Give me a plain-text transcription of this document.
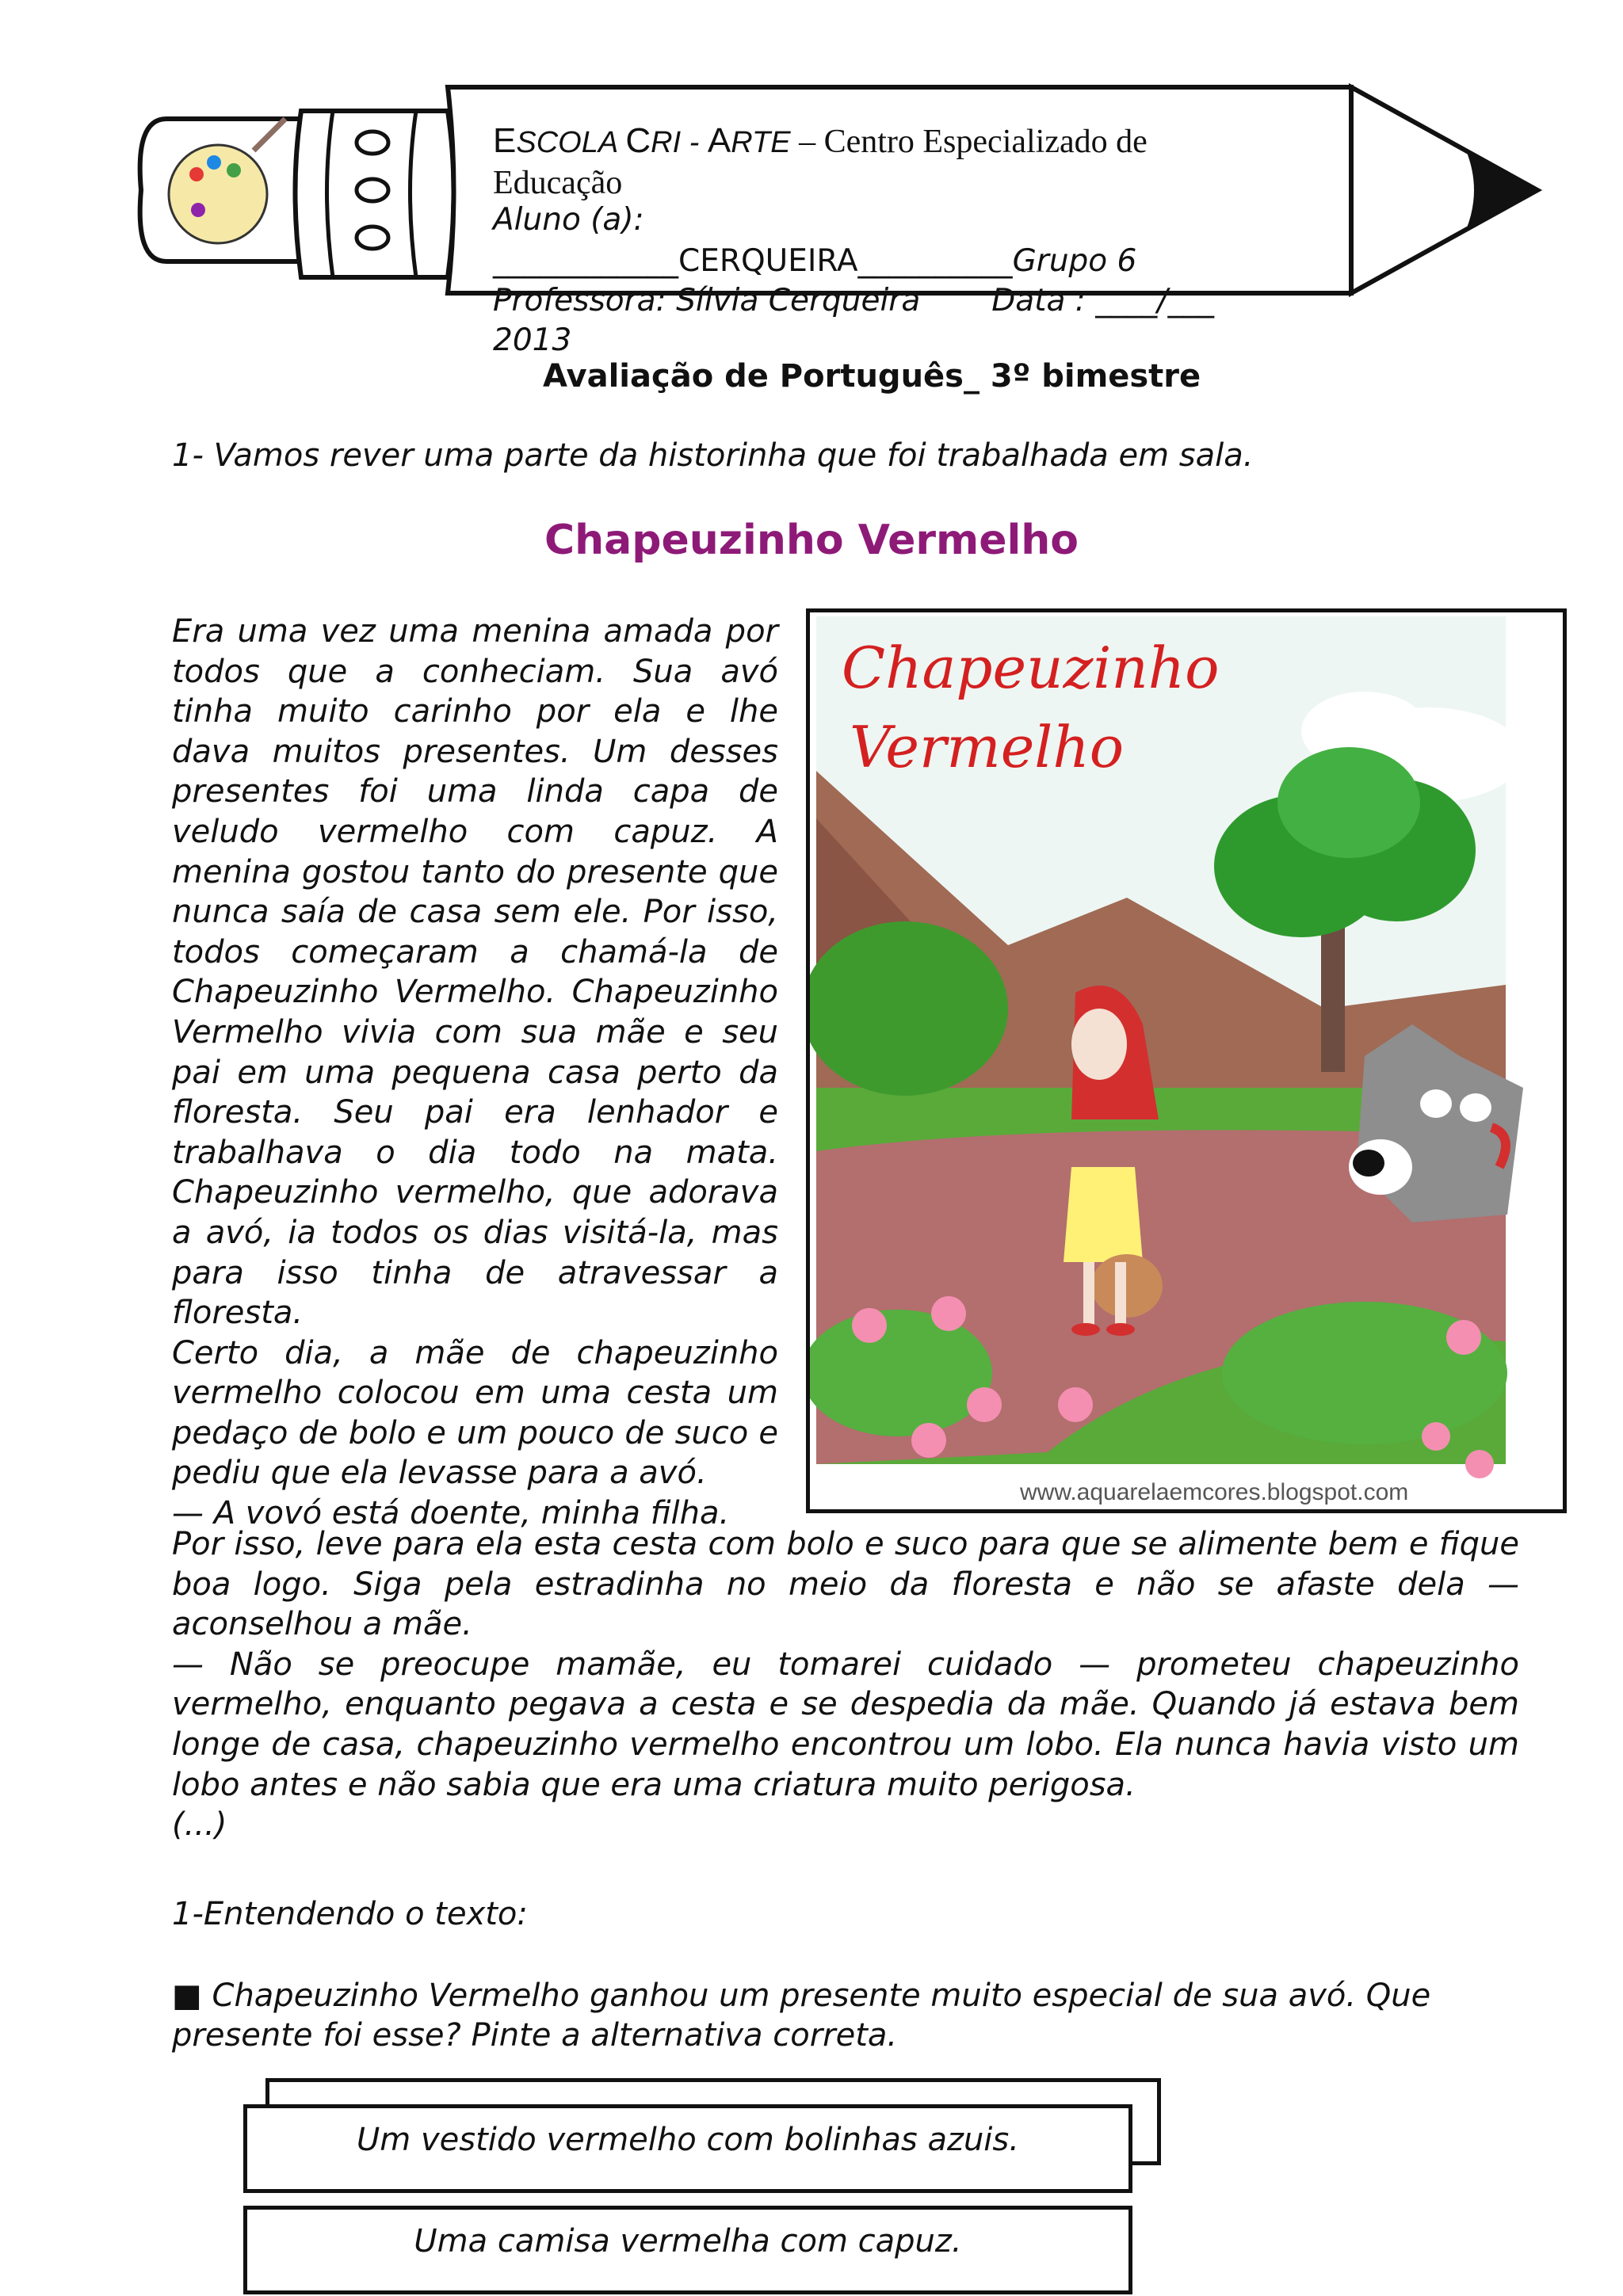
ESCOLA CRI - ARTE – Centro Especializado de
Educação
Aluno (a):
____________CERQUEIRA__________Grupo 6
Professora: Sílvia Cerqueira Data : ____/___
2013
Avaliação de Português_ 3º bimestre
1- Vamos rever uma parte da historinha que foi trabalhada em sala.
Chapeuzinho Vermelho
Era uma vez uma menina amada por todos que a conheciam. Sua avó tinha muito carinho por ela e lhe dava muitos presentes. Um desses presentes foi uma linda capa de veludo vermelho com capuz. A menina gostou tanto do presente que nunca saía de casa sem ele. Por isso, todos começaram a chamá-la de Chapeuzinho Vermelho. Chapeuzinho Vermelho vivia com sua mãe e seu pai em uma pequena casa perto da floresta. Seu pai era lenhador e trabalhava o dia todo na mata. Chapeuzinho vermelho, que adorava a avó, ia todos os dias visitá-la, mas para isso tinha de atravessar a floresta.
Certo dia, a mãe de chapeuzinho vermelho colocou em uma cesta um pedaço de bolo e um pouco de suco e pediu que ela levasse para a avó.
— A vovó está doente, minha filha.
Chapeuzinho
Vermelho
www.aquarelaemcores.blogspot.com
Por isso, leve para ela esta cesta com bolo e suco para que se alimente bem e fique boa logo. Siga pela estradinha no meio da floresta e não se afaste dela — aconselhou a mãe.
— Não se preocupe mamãe, eu tomarei cuidado — prometeu chapeuzinho vermelho, enquanto pegava a cesta e se despedia da mãe. Quando já estava bem longe de casa, chapeuzinho vermelho encontrou um lobo. Ela nunca havia visto um lobo antes e não sabia que era uma criatura muito perigosa.
(...)
1-Entendendo o texto:
■ Chapeuzinho Vermelho ganhou um presente muito especial de sua avó. Que presente foi esse? Pinte a alternativa correta.
Um vestido vermelho com bolinhas azuis.
Uma camisa vermelha com capuz.
